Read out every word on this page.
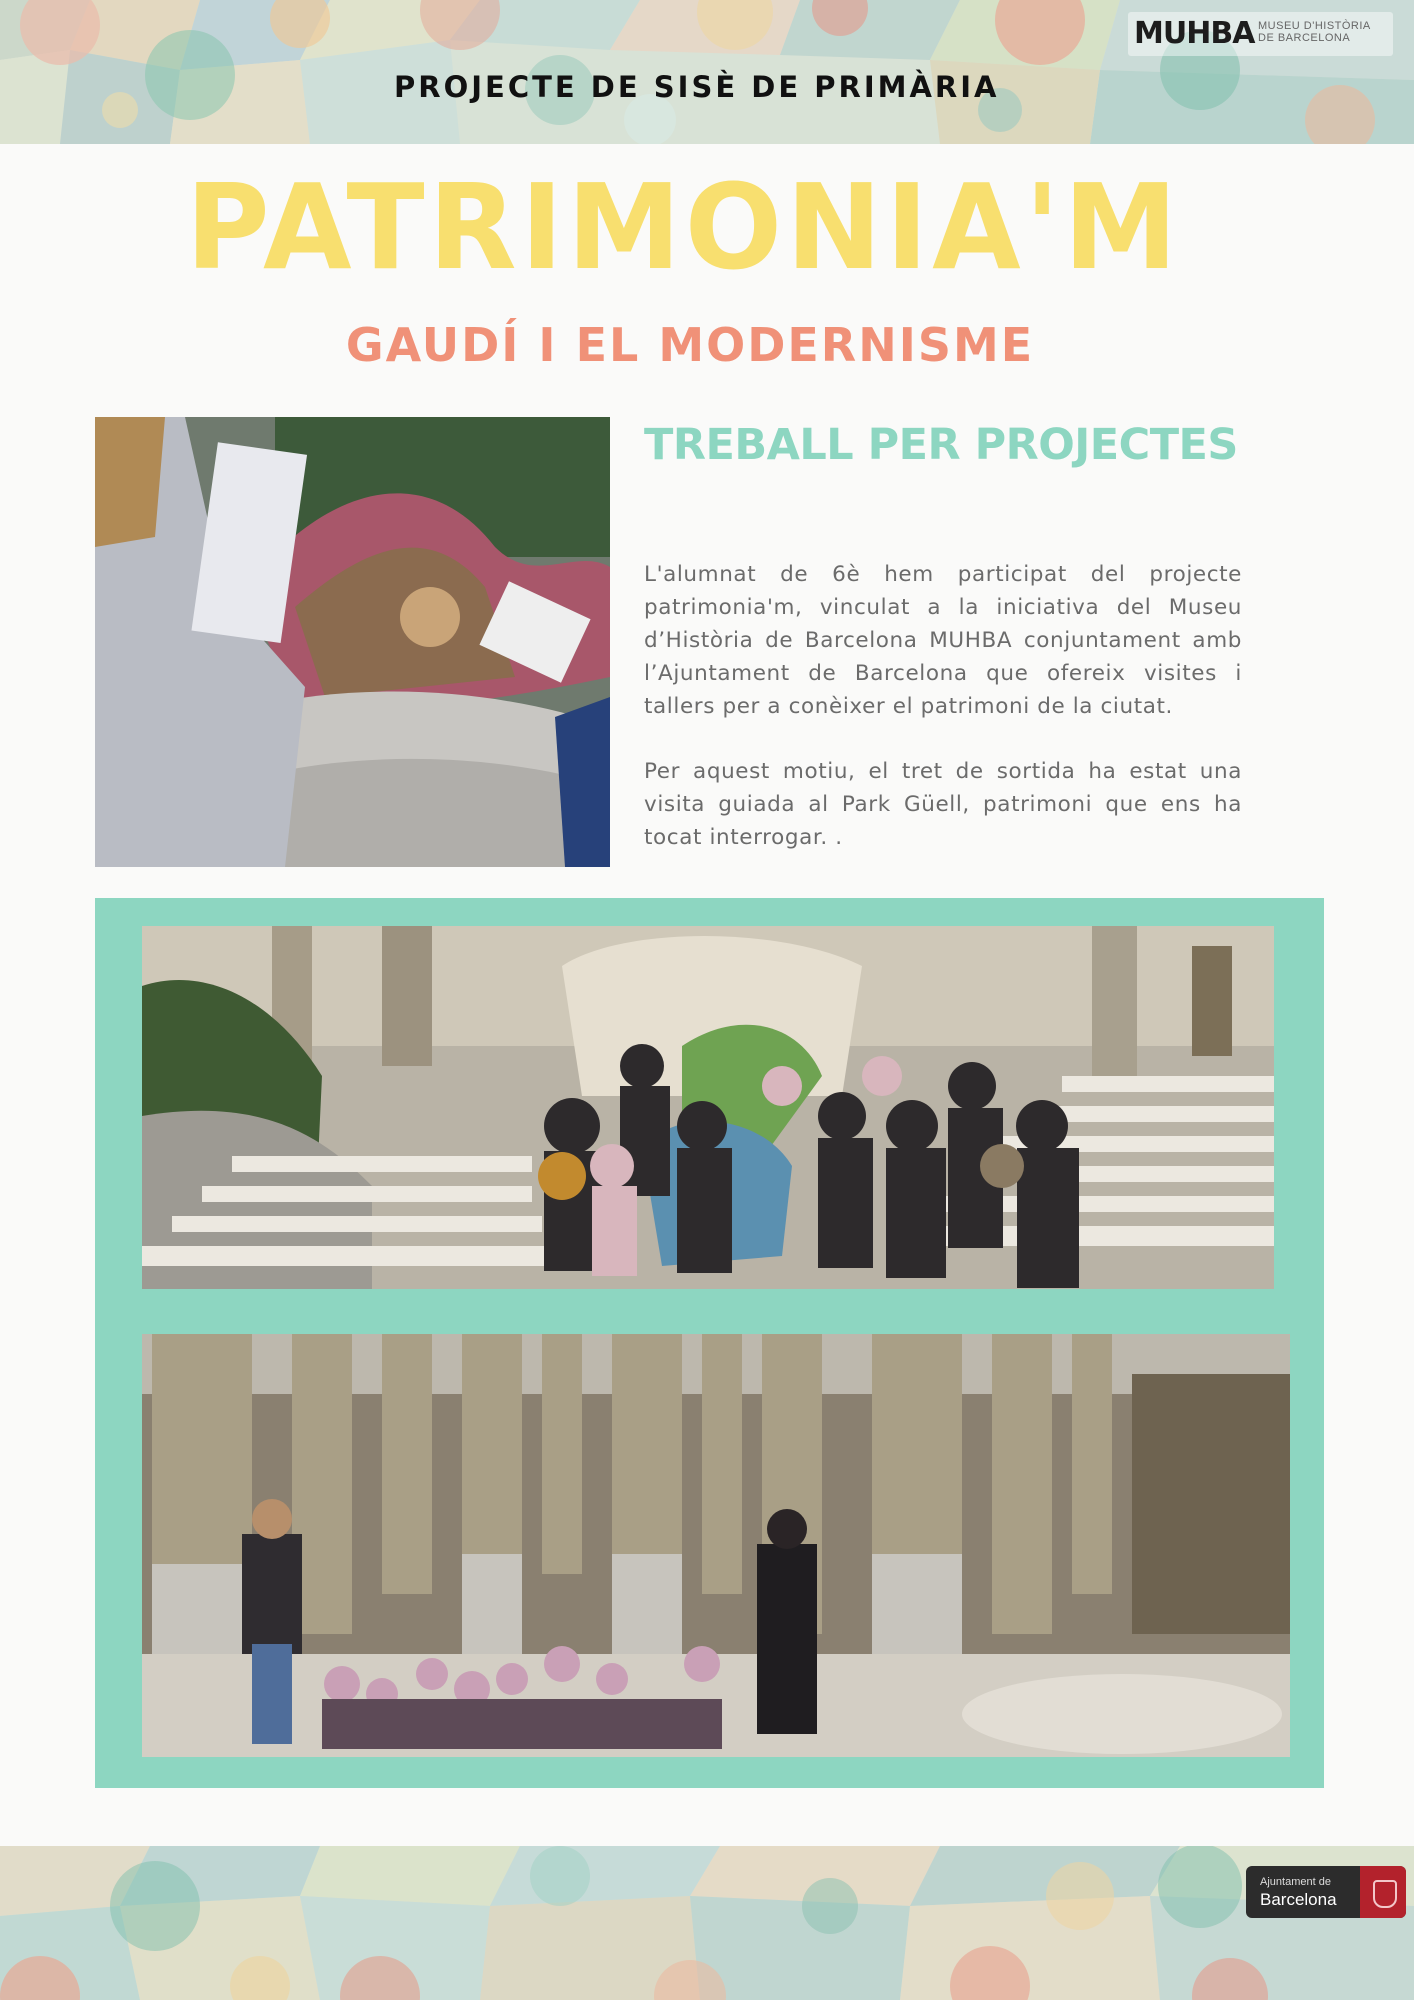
PROJECTE DE SISÈ DE PRIMÀRIA
MUHBA MUSEU D'HISTÒRIA
DE BARCELONA
PATRIMONIA'M
GAUDÍ I EL MODERNISME
TREBALL PER PROJECTES
L'alumnat de 6è hem participat del projecte patrimonia'm, vinculat a la iniciativa del Museu d’Història de Barcelona MUHBA conjuntament amb l’Ajuntament de Barcelona que ofereix visites i tallers per a conèixer el patrimoni de la ciutat.
Per aquest motiu, el tret de sortida ha estat una visita guiada al Park Güell, patrimoni que ens ha tocat interrogar. .
Ajuntament de
Barcelona
